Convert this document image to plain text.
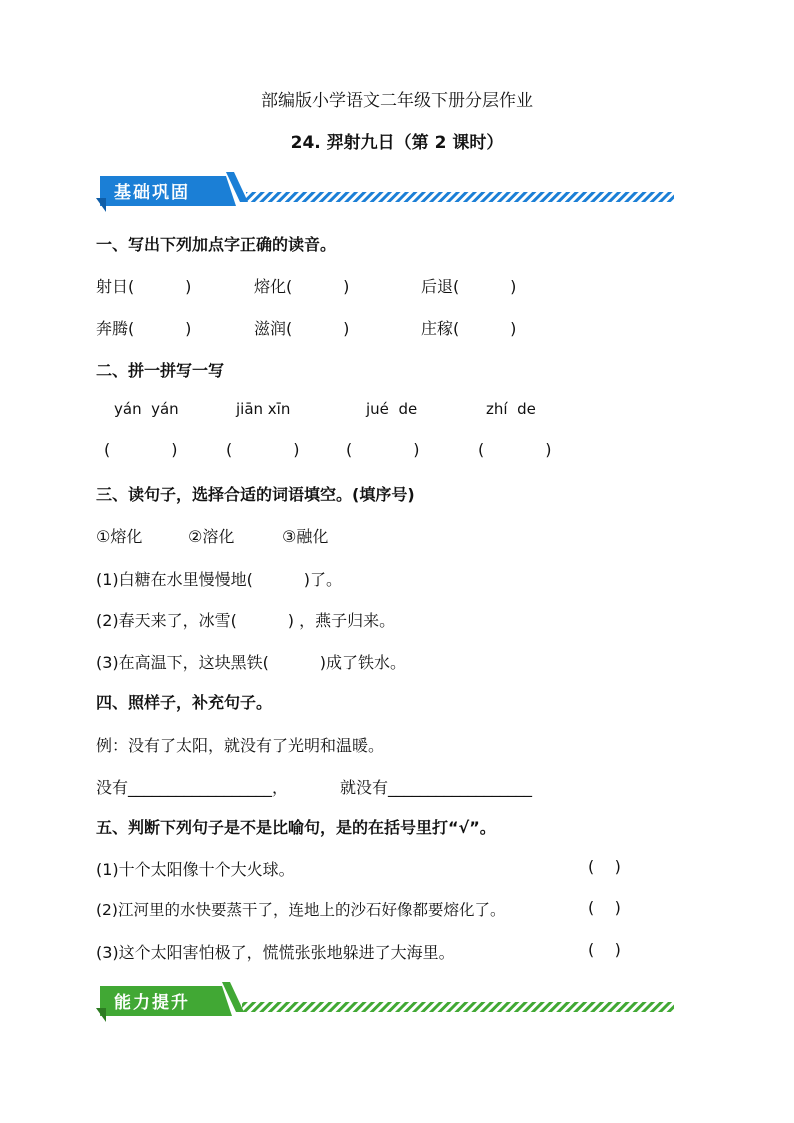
部编版小学语文二年级下册分层作业
24. 羿射九日（第 2 课时）
基础巩固
一、写出下列加点字正确的读音。
射日(          )	熔化(          )	后退(          )
奔腾(          )	滋润(          )	庄稼(          )
二、拼一拼写一写
yán  yán	jiān xīn	jué  de	zhí  de
(            )	(            )	(            )	(            )
三、读句子，选择合适的词语填空。(填序号)
①熔化	②溶化	③融化
(1)白糖在水里慢慢地(          )了。
(2)春天来了，冰雪(          ) ，燕子归来。
(3)在高温下，这块黑铁(          )成了铁水。
四、照样子，补充句子。
例：没有了太阳，就没有了光明和温暖。
没有__________________，	就没有__________________
五、判断下列句子是不是比喻句，是的在括号里打“√”。
(1)十个太阳像十个大火球。	(    )
(2)江河里的水快要蒸干了，连地上的沙石好像都要熔化了。	(    )
(3)这个太阳害怕极了，慌慌张张地躲进了大海里。	(    )
能力提升
